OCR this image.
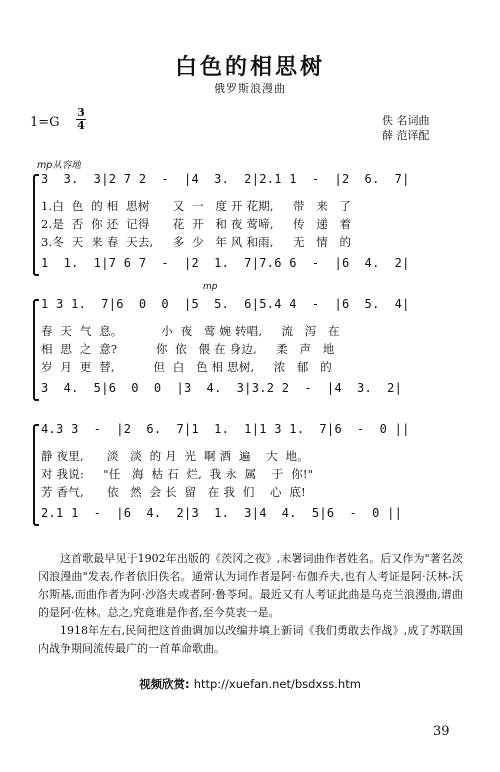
白色的相思树
俄罗斯浪漫曲
1=G
3
4	佚 名词曲
薛 范译配
mp从容地
3  3.  3|2 7 2  -  |4  3.  2|2.1 1  -  |2  6.  7|
1.白  色  的 相  思树      又  一   度 开 花期,     带   来   了
2.是  否  你 还  记得      花  开   和 夜 莺啼,     传   递   着
3.冬  天  来 春  天去,     多  少   年 风 和雨,     无   情   的
1  1.  1|7 6 7  -  |2  1.  7|7.6 6  -  |6  4.  2|
mp
1 3 1.  7|6  0  0  |5  5.  6|5.4 4  -  |6  5.  4|
春  天  气  息。          小  夜   莺 婉 转唱,     流   泻   在
相  思  之  意?          你  依   偎 在 身边,     柔   声   地
岁  月  更  替,          但  白   色 相 思树,     浓   郁   的
3  4.  5|6  0  0  |3  4.  3|3.2 2  -  |4  3.  2|
4.3 3  -  |2  6.  7|1  1.  1|1 3 1.  7|6  -  0 ||
静 夜里,      淡   淡  的 月  光  啊 酒  遍    大  地。
对 我说:     "任   海  枯 石  烂,  我 永  属    于  你!"
芳 香气,      依   然  会 长  留   在 我  们    心  底!
2.1 1  -  |6  4.  2|3  1.  3|4  4.  5|6  -  0 ||

这首歌最早见于1902年出版的《茨冈之夜》,未署词曲作者姓名。后又作为"著名茨冈浪漫曲"发表,作者依旧佚名。通常认为词作者是阿·布伽乔夫,也有人考证是阿·沃林-沃尔斯基,而曲作者为阿·沙洛夫或者阿·鲁苓珂。最近又有人考证此曲是乌克兰浪漫曲,谱曲的是阿·佐林。总之,究竟谁是作者,至今莫衷一是。

1918年左右,民间把这首曲调加以改编并填上新词《我们勇敢去作战》,成了苏联国内战争期间流传最广的一首革命歌曲。

视频欣赏: http://xuefan.net/bsdxss.htm
39
